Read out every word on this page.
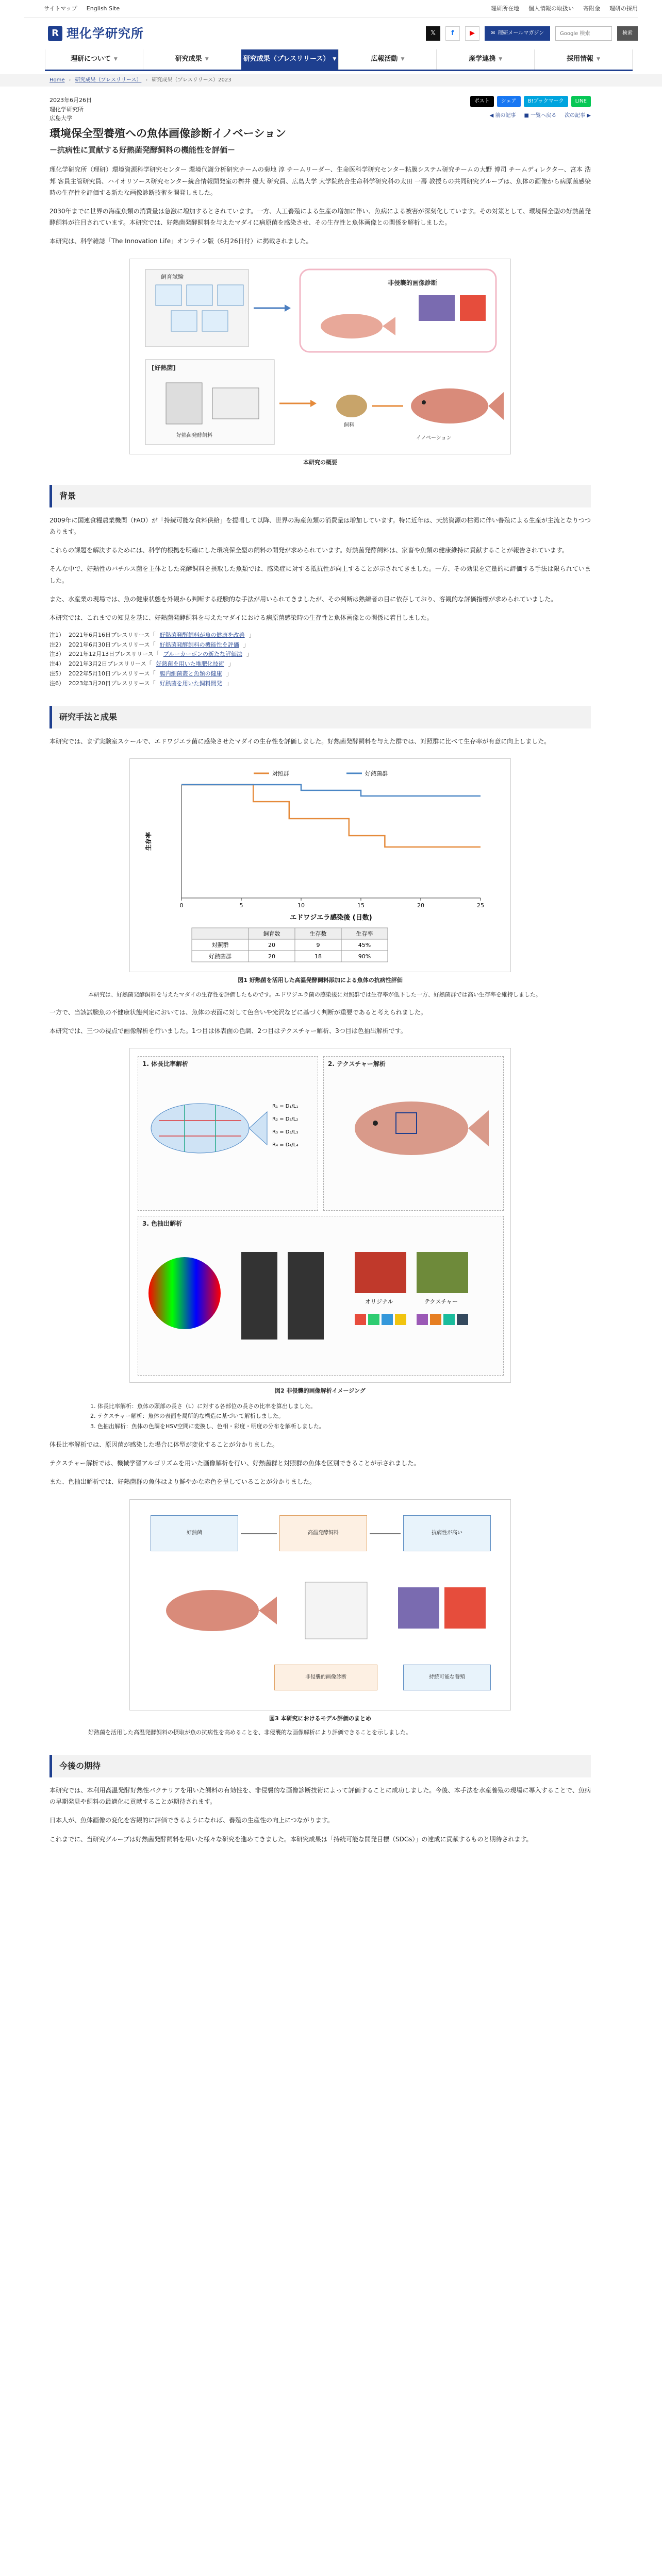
サイトマップ English Site	理研所在地 個人情報の取扱い 寄附金 理研の採用
R 理化学研究所	𝕏	f	▶	✉ 理研メールマガジン
Google 検索	検索
理研について ▼	研究成果 ▼	研究成果（プレスリリース） ▼	広報活動 ▼	産学連携 ▼	採用情報 ▼
Home › 研究成果（プレスリリース） › 研究成果（プレスリリース）2023
2023年6月26日
理化学研究所
広島大学
ポスト	シェア	B!ブックマーク	LINE
◀ 前の記事 ■ 一覧へ戻る 次の記事 ▶
環境保全型養殖への魚体画像診断イノベーション
－抗病性に貢献する好熱菌発酵飼料の機能性を評価－

理化学研究所（理研）環境資源科学研究センター 環境代謝分析研究チームの菊地 淳 チームリーダー、生命医科学研究センター粘膜システム研究チームの大野 博司 チームディレクター、宮本 浩邦 客員主管研究員、ハイオリソース研究センター統合情報開発室の桝井 優大 研究員、広島大学 大学院統合生命科学研究科の太田 一壽 教授らの共同研究グループは、魚体の画像から病原菌感染時の生存性を評価する新たな画像診断技術を開発しました。

2030年までに世界の海産魚類の消費量は急激に増加するとされています。一方、人工養殖による生産の増加に伴い、魚病による被害が深刻化しています。その対策として、環境保全型の好熱菌発酵飼料が注目されています。本研究では、好熱菌発酵飼料を与えたマダイに病原菌を感染させ、その生存性と魚体画像との関係を解析しました。

本研究は、科学雑誌「The Innovation Life」オンライン版（6月26日付）に掲載されました。

飼育試験
非侵襲的画像診断
[好熱菌]
好熱菌発酵飼料
飼料
イノベーション
本研究の概要
背景

2009年に国連食糧農業機関（FAO）が「持続可能な食料供給」を提唱して以降、世界の海産魚類の消費量は増加しています。特に近年は、天然資源の枯渇に伴い養殖による生産が主流となりつつあります。

これらの課題を解決するためには、科学的根拠を明確にした環境保全型の飼料の開発が求められています。好熱菌発酵飼料は、家畜や魚類の健康維持に貢献することが報告されています。

そんな中で、好熱性のバチルス菌を主体とした発酵飼料を摂取した魚類では、感染症に対する抵抗性が向上することが示されてきました。一方、その効果を定量的に評価する手法は限られていました。

また、水産業の現場では、魚の健康状態を外観から判断する経験的な手法が用いられてきましたが、その判断は熟練者の目に依存しており、客観的な評価指標が求められていました。

本研究では、これまでの知見を基に、好熱菌発酵飼料を与えたマダイにおける病原菌感染時の生存性と魚体画像との関係に着目しました。

注1） 2021年6月16日プレスリリース「 好熱菌発酵飼料が魚の健康を改善 」
注2） 2021年6月30日プレスリリース「 好熱菌発酵飼料の機能性を評価 」
注3） 2021年12月13日プレスリリース「 ブルーカーボンの新たな評価法 」
注4） 2021年3月2日プレスリリース「 好熱菌を用いた堆肥化技術 」
注5） 2022年5月10日プレスリリース「 腸内細菌叢と魚類の健康 」
注6） 2023年3月20日プレスリリース「 好熱菌を用いた飼料開発 」
研究手法と成果

本研究では、まず実験室スケールで、エドワジエラ菌に感染させたマダイの生存性を評価しました。好熱菌発酵飼料を与えた群では、対照群に比べて生存率が有意に向上しました。

0	5	10	15	20	25
生存率
エドワジエラ感染後 (日数)
対照群	好熱菌群
飼育数	生存数	生存率
対照群	20	9	45%
好熱菌群	20	18	90%
図1 好熱菌を活用した高温発酵飼料添加による魚体の抗病性評価

本研究は、好熱菌発酵飼料を与えたマダイの生存性を評価したものです。エドワジエラ菌の感染後に対照群では生存率が低下した一方、好熱菌群では高い生存率を維持しました。

一方で、当該試験魚の不健康状態判定においては、魚体の表面に対して色合いや光沢などに基づく判断が重要であると考えられました。

本研究では、三つの視点で画像解析を行いました。1つ目は体表面の色調、2つ目はテクスチャー解析、3つ目は色抽出解析です。

1. 体長比率解析
R₁ = D₁/L₁
R₂ = D₂/L₂
R₃ = D₃/L₃
R₄ = D₄/L₄
2. テクスチャー解析
3. 色抽出解析
オリジナル	テクスチャー
図2 非侵襲的画像解析イメージング
1. 体長比率解析：魚体の頭部の長さ（L）に対する各部位の長さの比率を算出しました。
2. テクスチャー解析：魚体の表面を局所的な構造に基づいて解析しました。
3. 色抽出解析：魚体の色調をHSV空間に変換し、色相・彩度・明度の分布を解析しました。

体長比率解析では、原因菌が感染した場合に体型が変化することが分かりました。

テクスチャー解析では、機械学習アルゴリズムを用いた画像解析を行い、好熱菌群と対照群の魚体を区別できることが示されました。

また、色抽出解析では、好熱菌群の魚体はより鮮やかな赤色を呈していることが分かりました。

好熱菌	高温発酵飼料	抗病性が高い
非侵襲的画像診断	持続可能な養殖
図3 本研究におけるモデル評価のまとめ

好熱菌を活用した高温発酵飼料の摂取が魚の抗病性を高めることを、非侵襲的な画像解析により評価できることを示しました。

今後の期待

本研究では、本利用高温発酵好熱性バクテリアを用いた飼料の有効性を、非侵襲的な画像診断技術によって評価することに成功しました。今後、本手法を水産養殖の現場に導入することで、魚病の早期発見や飼料の最適化に貢献することが期待されます。

日本人が、魚体画像の変化を客観的に評価できるようになれば、養殖の生産性の向上につながります。

これまでに、当研究グループは好熱菌発酵飼料を用いた様々な研究を進めてきました。本研究成果は「持続可能な開発目標（SDGs）」の達成に貢献するものと期待されます。
